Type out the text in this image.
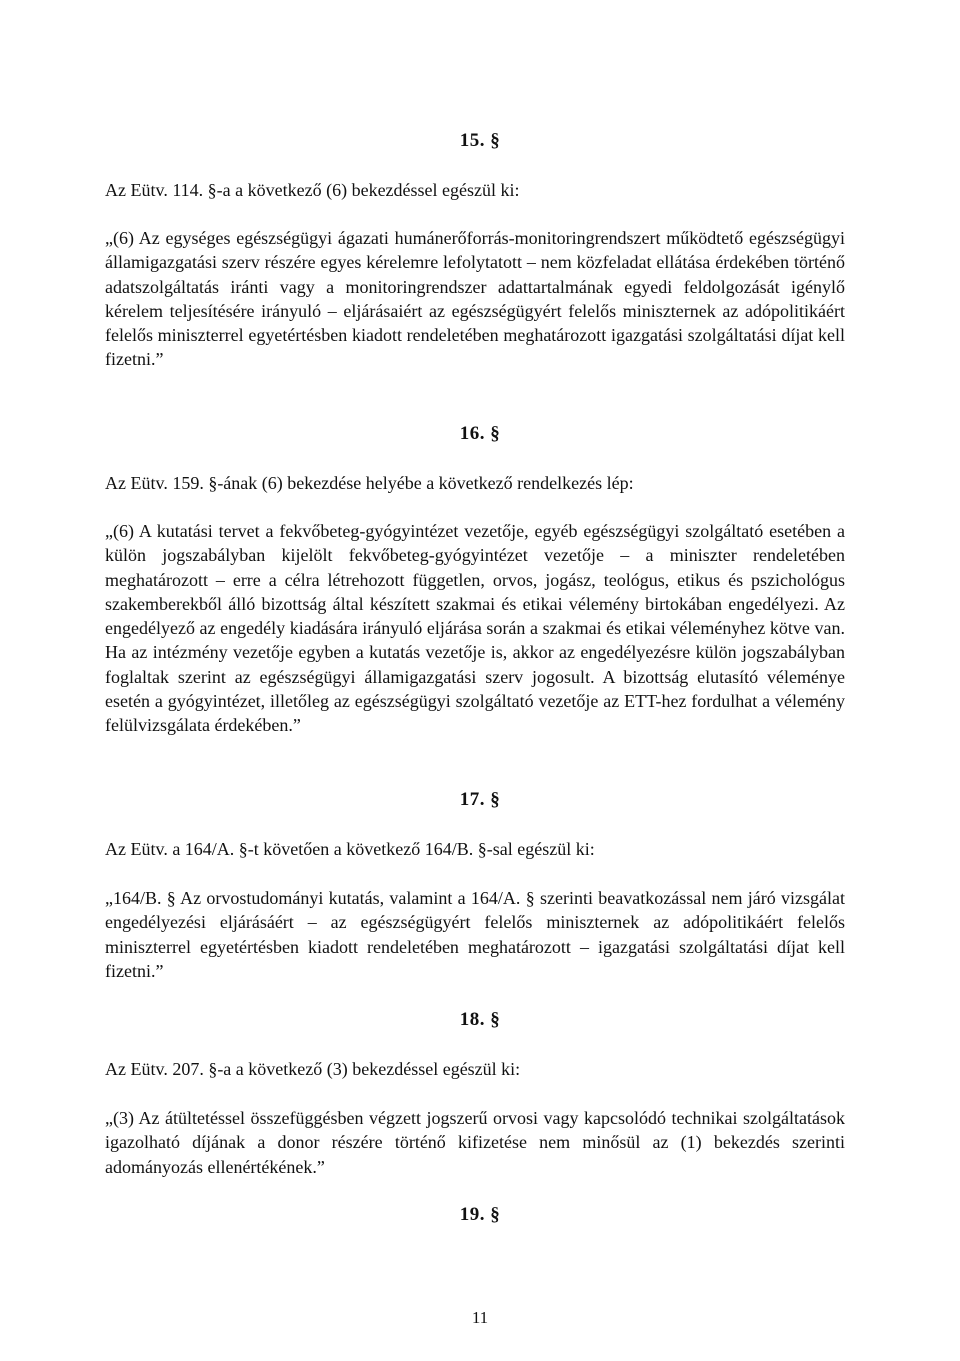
15. §
Az Eütv. 114. §-a a következő (6) bekezdéssel egészül ki:
„(6) Az egységes egészségügyi ágazati humánerőforrás-monitoringrendszert működtető egészségügyi államigazgatási szerv részére egyes kérelemre lefolytatott – nem közfeladat ellátása érdekében történő adatszolgáltatás iránti vagy a monitoringrendszer adattartalmának egyedi feldolgozását igénylő kérelem teljesítésére irányuló – eljárásaiért az egészségügyért felelős miniszternek az adópolitikáért felelős miniszterrel egyetértésben kiadott rendeletében meghatározott igazgatási szolgáltatási díjat kell fizetni.”
16. §
Az Eütv. 159. §-ának (6) bekezdése helyébe a következő rendelkezés lép:
„(6) A kutatási tervet a fekvőbeteg-gyógyintézet vezetője, egyéb egészségügyi szolgáltató esetében a külön jogszabályban kijelölt fekvőbeteg-gyógyintézet vezetője – a miniszter rendeletében meghatározott – erre a célra létrehozott független, orvos, jogász, teológus, etikus és pszichológus szakemberekből álló bizottság által készített szakmai és etikai vélemény birtokában engedélyezi. Az engedélyező az engedély kiadására irányuló eljárása során a szakmai és etikai véleményhez kötve van. Ha az intézmény vezetője egyben a kutatás vezetője is, akkor az engedélyezésre külön jogszabályban foglaltak szerint az egészségügyi államigazgatási szerv jogosult. A bizottság elutasító véleménye esetén a gyógyintézet, illetőleg az egészségügyi szolgáltató vezetője az ETT-hez fordulhat a vélemény felülvizsgálata érdekében.”
17. §
Az Eütv. a 164/A. §-t követően a következő 164/B. §-sal egészül ki:
„164/B. § Az orvostudományi kutatás, valamint a 164/A. § szerinti beavatkozással nem járó vizsgálat engedélyezési eljárásáért – az egészségügyért felelős miniszternek az adópolitikáért felelős miniszterrel egyetértésben kiadott rendeletében meghatározott – igazgatási szolgáltatási díjat kell fizetni.”
18. §
Az Eütv. 207. §-a a következő (3) bekezdéssel egészül ki:
„(3) Az átültetéssel összefüggésben végzett jogszerű orvosi vagy kapcsolódó technikai szolgáltatások igazolható díjának a donor részére történő kifizetése nem minősül az (1) bekezdés szerinti adományozás ellenértékének.”
19. §
11
